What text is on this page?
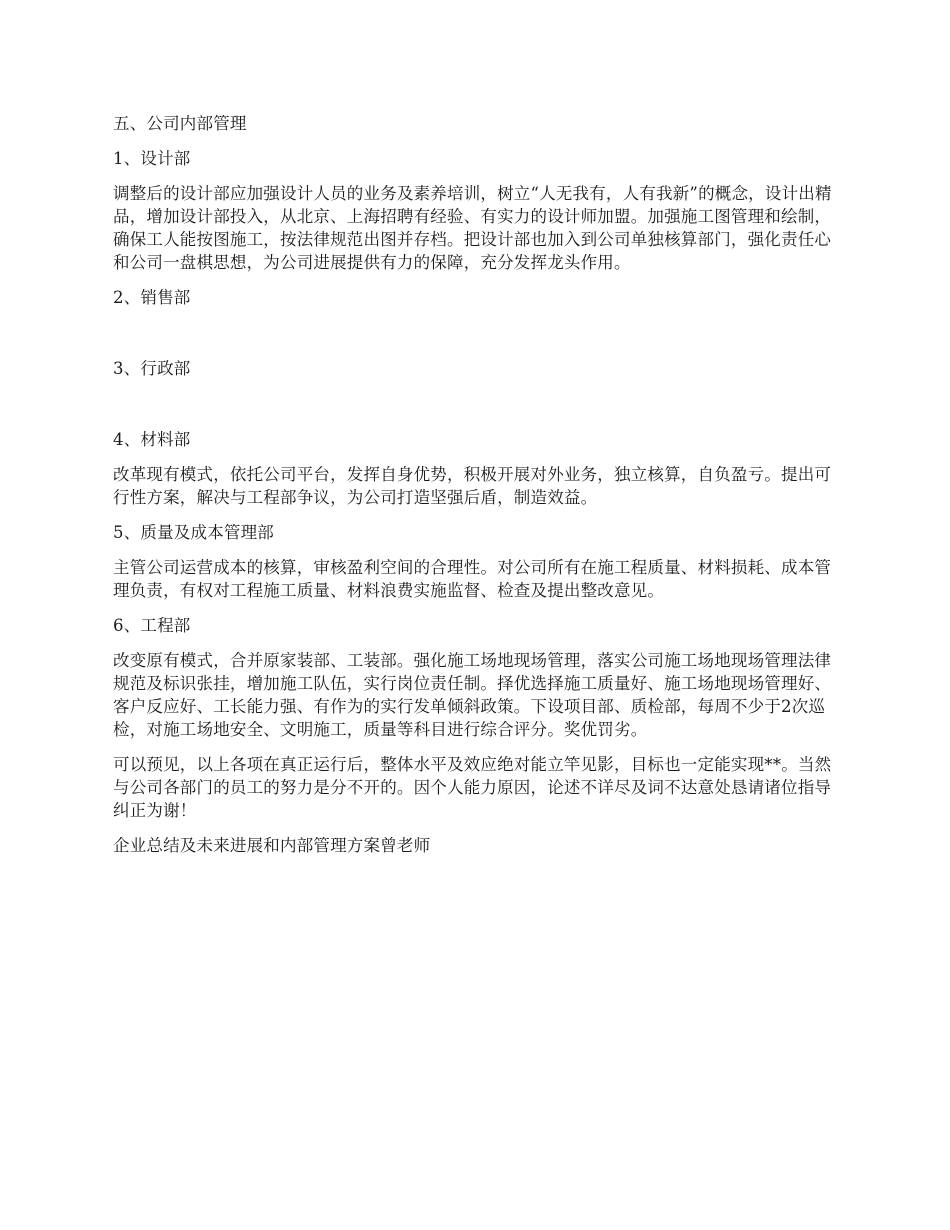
五、公司内部管理

1、设计部

调整后的设计部应加强设计人员的业务及素养培训，树立“人无我有，人有我新”的概念，设计出精品，增加设计部投入，从北京、上海招聘有经验、有实力的设计师加盟。加强施工图管理和绘制，确保工人能按图施工，按法律规范出图并存档。把设计部也加入到公司单独核算部门，强化责任心和公司一盘棋思想，为公司进展提供有力的保障，充分发挥龙头作用。

2、销售部

3、行政部

4、材料部

改革现有模式，依托公司平台，发挥自身优势，积极开展对外业务，独立核算，自负盈亏。提出可行性方案，解决与工程部争议，为公司打造坚强后盾，制造效益。

5、质量及成本管理部

主管公司运营成本的核算，审核盈利空间的合理性。对公司所有在施工程质量、材料损耗、成本管理负责，有权对工程施工质量、材料浪费实施监督、检查及提出整改意见。

6、工程部

改变原有模式，合并原家装部、工装部。强化施工场地现场管理，落实公司施工场地现场管理法律规范及标识张挂，增加施工队伍，实行岗位责任制。择优选择施工质量好、施工场地现场管理好、客户反应好、工长能力强、有作为的实行发单倾斜政策。下设项目部、质检部，每周不少于2次巡检，对施工场地安全、文明施工，质量等科目进行综合评分。奖优罚劣。

可以预见，以上各项在真正运行后，整体水平及效应绝对能立竿见影，目标也一定能实现**。当然与公司各部门的员工的努力是分不开的。因个人能力原因，论述不详尽及词不达意处恳请诸位指导纠正为谢！

企业总结及未来进展和内部管理方案曾老师
